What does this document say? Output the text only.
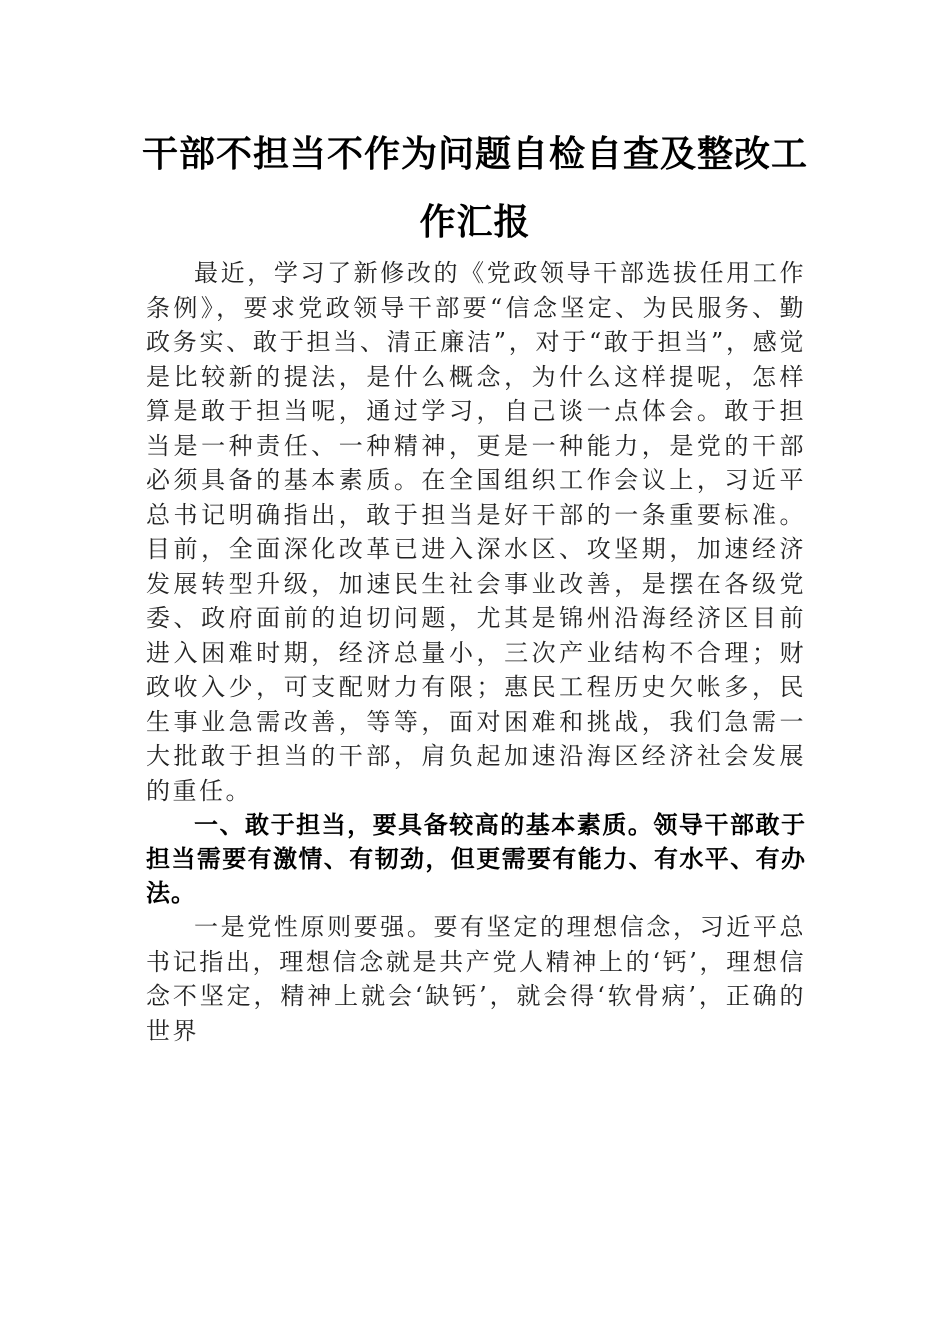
干部不担当不作为问题自检自查及整改工作汇报

最近，学习了新修改的《党政领导干部选拔任用工作条例》，要求党政领导干部要“信念坚定、为民服务、勤政务实、敢于担当、清正廉洁”，对于“敢于担当”，感觉是比较新的提法，是什么概念，为什么这样提呢，怎样算是敢于担当呢，通过学习，自己谈一点体会。敢于担当是一种责任、一种精神，更是一种能力，是党的干部必须具备的基本素质。在全国组织工作会议上，习近平总书记明确指出，敢于担当是好干部的一条重要标准。目前，全面深化改革已进入深水区、攻坚期，加速经济发展转型升级，加速民生社会事业改善，是摆在各级党委、政府面前的迫切问题，尤其是锦州沿海经济区目前进入困难时期，经济总量小，三次产业结构不合理；财政收入少，可支配财力有限；惠民工程历史欠帐多，民生事业急需改善，等等，面对困难和挑战，我们急需一大批敢于担当的干部，肩负起加速沿海区经济社会发展的重任。

一、敢于担当，要具备较高的基本素质。领导干部敢于担当需要有激情、有韧劲，但更需要有能力、有水平、有办法。

一是党性原则要强。要有坚定的理想信念，习近平总书记指出，理想信念就是共产党人精神上的‘钙’，理想信念不坚定，精神上就会‘缺钙’，就会得‘软骨病’，正确的世界
